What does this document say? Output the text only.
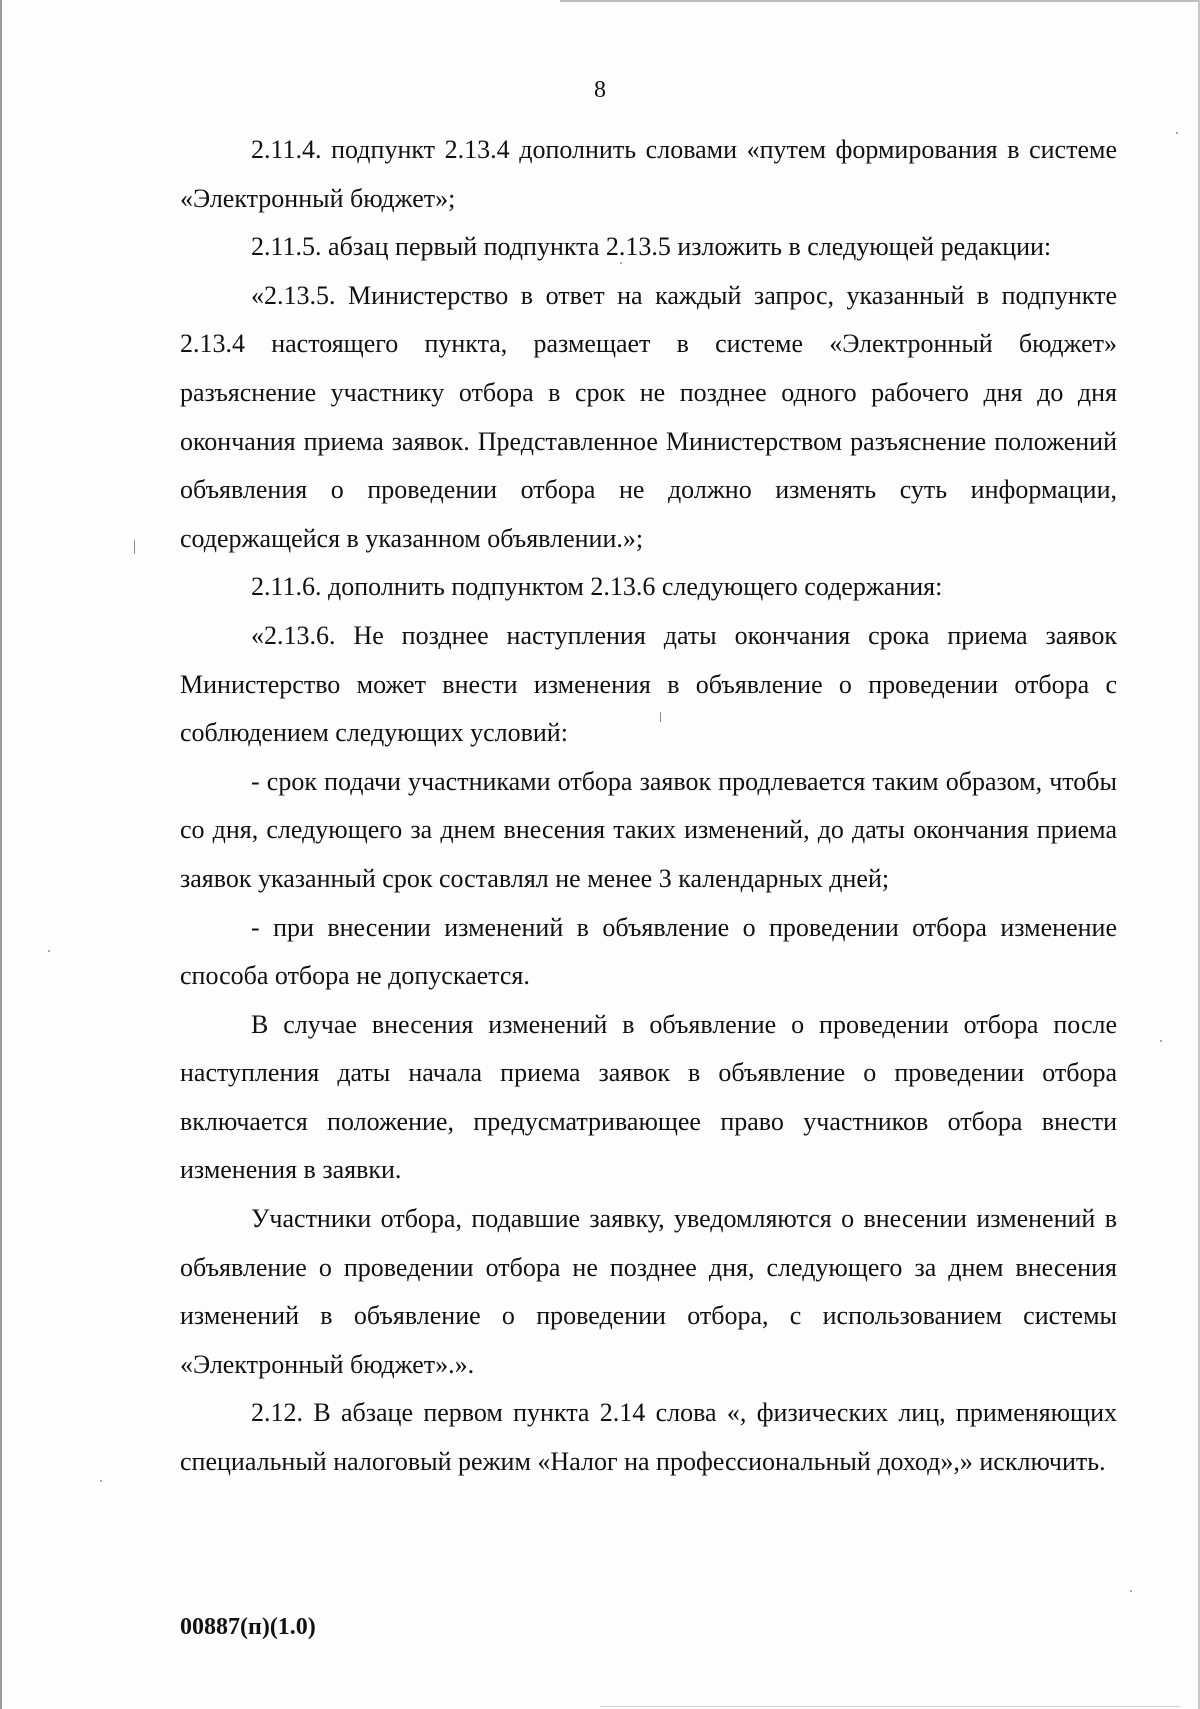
8

2.11.4. подпункт 2.13.4 дополнить словами «путем формирования в системе «Электронный бюджет»;

2.11.5. абзац первый подпункта 2.13.5 изложить в следующей редакции:

«2.13.5. Министерство в ответ на каждый запрос, указанный в подпункте 2.13.4 настоящего пункта, размещает в системе «Электронный бюджет» разъяснение участнику отбора в срок не позднее одного рабочего дня до дня окончания приема заявок. Представленное Министерством разъяснение положений объявления о проведении отбора не должно изменять суть информации, содержащейся в указанном объявлении.»;

2.11.6. дополнить подпунктом 2.13.6 следующего содержания:

«2.13.6. Не позднее наступления даты окончания срока приема заявок Министерство может внести изменения в объявление о проведении отбора с соблюдением следующих условий:

- срок подачи участниками отбора заявок продлевается таким образом, чтобы со дня, следующего за днем внесения таких изменений, до даты окончания приема заявок указанный срок составлял не менее 3 календарных дней;

- при внесении изменений в объявление о проведении отбора изменение способа отбора не допускается.

В случае внесения изменений в объявление о проведении отбора после наступления даты начала приема заявок в объявление о проведении отбора включается положение, предусматривающее право участников отбора внести изменения в заявки.

Участники отбора, подавшие заявку, уведомляются о внесении изменений в объявление о проведении отбора не позднее дня, следующего за днем внесения изменений в объявление о проведении отбора, с использованием системы «Электронный бюджет».».

2.12. В абзаце первом пункта 2.14 слова «, физических лиц, применяющих специальный налоговый режим «Налог на профессиональный доход»,» исключить.

00887(п)(1.0)
